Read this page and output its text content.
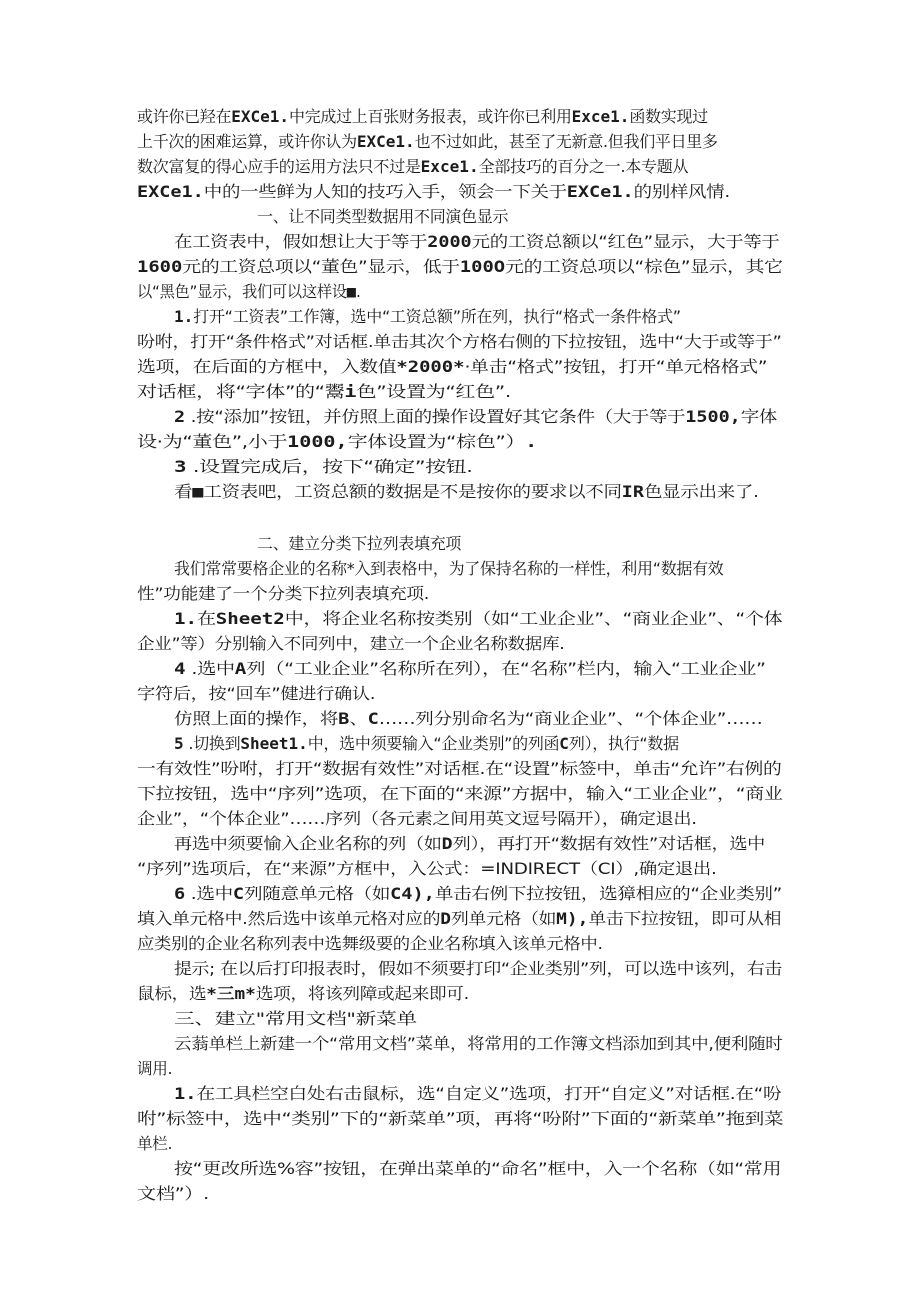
或许你已羟在EXCe1.中完成过上百张财务报表，或许你已利用Exce1.函数实现过

上千次的困难运算，或许你认为EXCe1.也不过如此，甚至了无新意.但我们平日里多

数次富复的得心应手的运用方法只不过是Exce1.全部技巧的百分之一.本专题从

EXCe1.中的一些鲜为人知的技巧入手，领会一下关于EXCe1.的别样风情.

一、让不同类型数据用不同演色显示

在工资表中，假如想让大于等于2000元的工资总额以“红色”显示，大于等于

1600元的工资总项以“董色”显示，低于100O元的工资总项以“棕色”显示，其它

以“黑色”显示，我们可以这样设■.

1.打开“工资表”工作簿，选中“工资总额”所在列，执行“格式一条件格式”

吩咐，打开“条件格式”对话框.单击其次个方格右侧的下拉按钮，选中“大于或等于”

选项，在后面的方框中，入数值*2000*·单击“格式”按钮，打开“单元格格式”

对话框，将“字体”的“鬻i色”设置为“红色”.

2 .按“添加”按钮，并仿照上面的操作设置好其它条件（大于等于1500,字体

设·为“董色”,小于1000,字体设置为“棕色”）.

3 .设置完成后，按下“确定”按钮.

看■工资表吧，工资总额的数据是不是按你的要求以不同IR色显示出来了.

二、建立分类下拉列表填充项

我们常常要格企业的名称*入到表格中，为了保持名称的一样性，利用“数据有效

性”功能建了一个分类下拉列表填充项.

1.在Sheet2中，将企业名称按类别（如“工业企业”、“商业企业”、“个体

企业”等）分别输入不同列中，建立一个企业名称数据库.

4 .选中A列（“工业企业”名称所在列），在“名称”栏内，输入“工业企业”

字符后，按“回车”健进行确认.

仿照上面的操作，将B、C……列分别命名为“商业企业”、“个体企业”……

5 .切换到Sheet1.中，选中须要输入“企业类别”的列函C列），执行“数据

一有效性”吩咐，打开“数据有效性”对话框.在“设置”标签中，单击“允许”右例的

下拉按钮，选中“序列”选项，在下面的“来源”方据中，输入“工业企业”，“商业

企业”，“个体企业”……序列（各元素之间用英文逗号隔开），确定退出.

再选中须要愉入企业名称的列（如D列），再打开“数据有效性”对话框，选中

“序列”选项后，在“来源”方框中，入公式：=INDIRECT（CI）,确定退出.

6 .选中C列随意单元格（如C4),单击右例下拉按钮，选獐相应的“企业类别”

填入单元格中.然后选中该单元格对应的D列单元格（如M),单击下拉按钮，即可从相

应类别的企业名称列表中选舞级要的企业名称填入该单元格中.

提示; 在以后打印报表时，假如不须要打印“企业类别”列，可以选中该列，右击

鼠标，选*三m*选项，将该列障或起来即可.

三、建立"常用文档"新菜单

云蓊单栏上新建一个“常用文档”菜单，将常用的工作簿文档添加到其中,便利随时

调用.

1.在工具栏空白处右击鼠标，选“自定义”选项，打开“自定义”对话框.在“吩

咐”标签中，选中“类别”下的“新菜单”项，再将“吩附”下面的“新菜单”拖到菜

单栏.

按“更改所选%容”按钮，在弹出菜单的“命名”框中，入一个名称（如“常用

文档”）.
